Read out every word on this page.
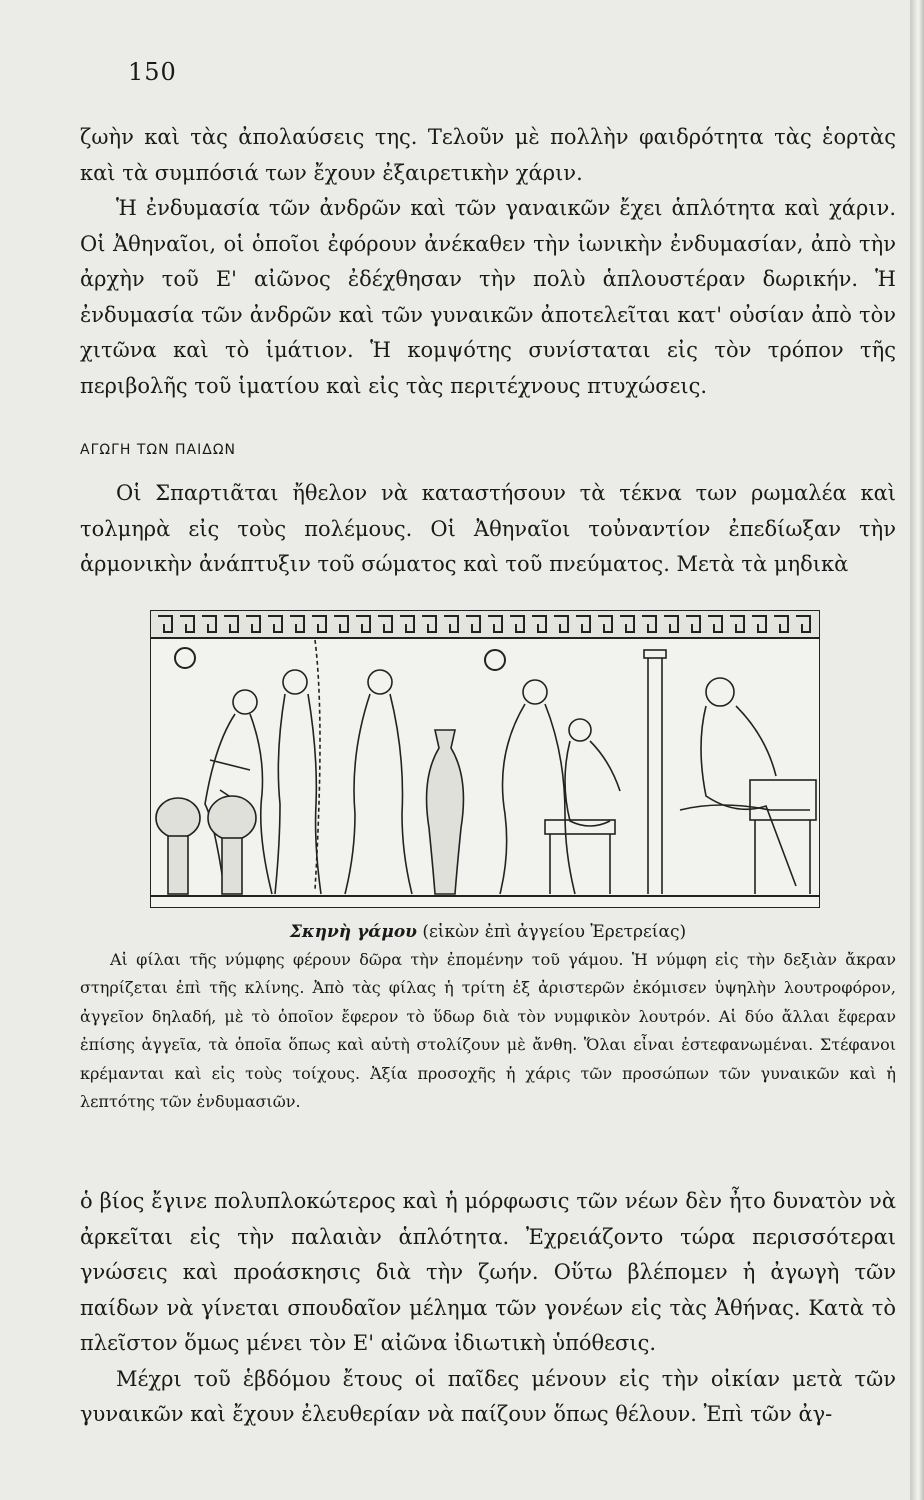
150

ζωὴν καὶ τὰς ἀπολαύσεις της. Τελοῦν μὲ πολλὴν φαιδρότητα τὰς ἑορτὰς καὶ τὰ συμπόσιά των ἔχουν ἐξαιρετικὴν χάριν.

Ἡ ἐνδυμασία τῶν ἀνδρῶν καὶ τῶν γαναικῶν ἔχει ἁπλότητα καὶ χάριν. Οἱ Ἀθηναῖοι, οἱ ὁποῖοι ἐφόρουν ἀνέκαθεν τὴν ἰωνικὴν ἐνδυμασίαν, ἀπὸ τὴν ἀρχὴν τοῦ Ε' αἰῶνος ἐδέχθησαν τὴν πολὺ ἁπλουστέραν δωρικήν. Ἡ ἐνδυμασία τῶν ἀνδρῶν καὶ τῶν γυναικῶν ἀποτελεῖται κατ' οὐσίαν ἀπὸ τὸν χιτῶνα καὶ τὸ ἱμάτιον. Ἡ κομψότης συνίσταται εἰς τὸν τρόπον τῆς περιβολῆς τοῦ ἱματίου καὶ εἰς τὰς περιτέχνους πτυχώσεις.

ΑΓΩΓΗ ΤΩΝ ΠΑΙΔΩΝ

Οἱ Σπαρτιᾶται ἤθελον νὰ καταστήσουν τὰ τέκνα των ρωμαλέα καὶ τολμηρὰ εἰς τοὺς πολέμους. Οἱ Ἀθηναῖοι τοὐναντίον ἐπεδίωξαν τὴν ἁρμονικὴν ἀνάπτυξιν τοῦ σώματος καὶ τοῦ πνεύματος. Μετὰ τὰ μηδικὰ

Σκηνὴ γάμου (εἰκὼν ἐπὶ ἀγγείου Ἐρετρείας)

Αἱ φίλαι τῆς νύμφης φέρουν δῶρα τὴν ἐπομένην τοῦ γάμου. Ἡ νύμφη εἰς τὴν δεξιὰν ἄκραν στηρίζεται ἐπὶ τῆς κλίνης. Ἀπὸ τὰς φίλας ἡ τρίτη ἐξ ἀριστερῶν ἐκόμισεν ὑψηλὴν λουτροφόρον, ἀγγεῖον δηλαδή, μὲ τὸ ὁποῖον ἔφερον τὸ ὕδωρ διὰ τὸν νυμφικὸν λουτρόν. Αἱ δύο ἄλλαι ἔφεραν ἐπίσης ἀγγεῖα, τὰ ὁποῖα ὅπως καὶ αὐτὴ στολίζουν μὲ ἄνθη. Ὅλαι εἶναι ἐστεφανωμέναι. Στέφανοι κρέμανται καὶ εἰς τοὺς τοίχους. Ἀξία προσοχῆς ἡ χάρις τῶν προσώπων τῶν γυναικῶν καὶ ἡ λεπτότης τῶν ἐνδυμασιῶν.

ὁ βίος ἔγινε πολυπλοκώτερος καὶ ἡ μόρφωσις τῶν νέων δὲν ἦτο δυνατὸν νὰ ἀρκεῖται εἰς τὴν παλαιὰν ἁπλότητα. Ἐχρειάζοντο τώρα περισσότεραι γνώσεις καὶ προάσκησις διὰ τὴν ζωήν. Οὕτω βλέπομεν ἡ ἀγωγὴ τῶν παίδων νὰ γίνεται σπουδαῖον μέλημα τῶν γονέων εἰς τὰς Ἀθήνας. Κατὰ τὸ πλεῖστον ὅμως μένει τὸν Ε' αἰῶνα ἰδιωτικὴ ὑπόθεσις.

Μέχρι τοῦ ἑβδόμου ἔτους οἱ παῖδες μένουν εἰς τὴν οἰκίαν μετὰ τῶν γυναικῶν καὶ ἔχουν ἐλευθερίαν νὰ παίζουν ὅπως θέλουν. Ἐπὶ τῶν ἀγ-
